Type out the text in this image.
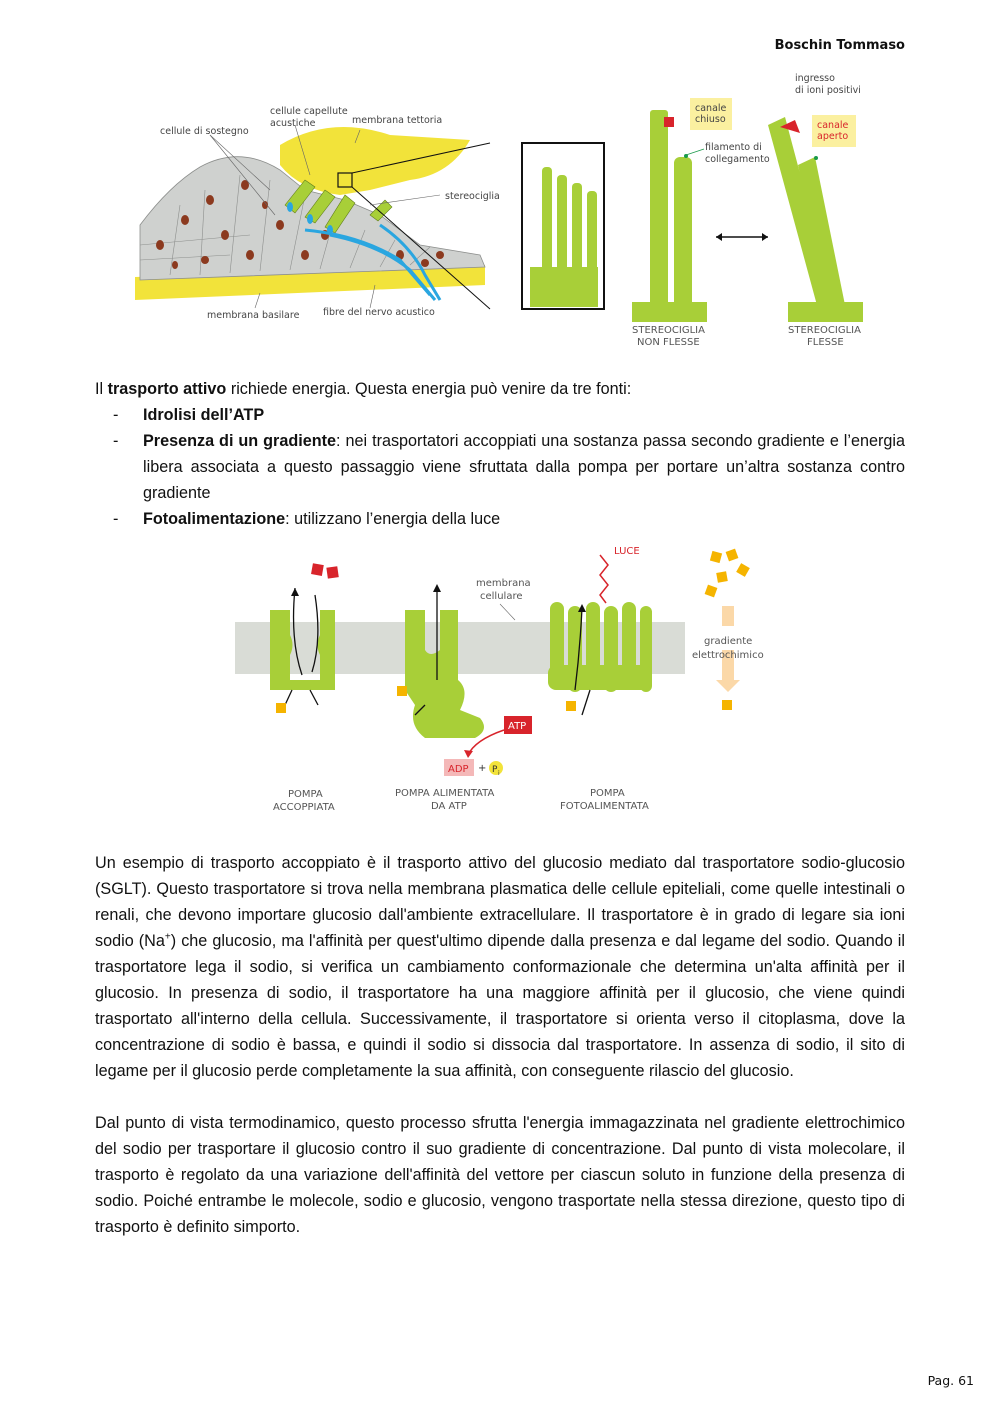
Boschin Tommaso
cellule di sostegno
cellule capellute
acustiche	membrana tettoria
stereociglia
membrana basilare fibre del nervo acustico
canale
chiuso
canale
aperto
ingresso
di ioni positivi
filamento di
collegamento
STEREOCIGLIA
NON FLESSE
STEREOCIGLIA
FLESSE
Il trasporto attivo richiede energia. Questa energia può venire da tre fonti:
- Idrolisi dell’ATP
- Presenza di un gradiente: nei trasportatori accoppiati una sostanza passa secondo gradiente e l’energia libera associata a questo passaggio viene sfruttata dalla pompa per portare un’altra sostanza contro gradiente
- Fotoalimentazione: utilizzano l’energia della luce
ATP
ADP + P i
LUCE
membrana
cellulare
gradiente
elettrochimico
POMPA
ACCOPPIATA
POMPA ALIMENTATA
DA ATP
POMPA
FOTOALIMENTATA

Un esempio di trasporto accoppiato è il trasporto attivo del glucosio mediato dal trasportatore sodio-glucosio (SGLT). Questo trasportatore si trova nella membrana plasmatica delle cellule epiteliali, come quelle intestinali o renali, che devono importare glucosio dall'ambiente extracellulare. Il trasportatore è in grado di legare sia ioni sodio (Na+) che glucosio, ma l'affinità per quest'ultimo dipende dalla presenza e dal legame del sodio. Quando il trasportatore lega il sodio, si verifica un cambiamento conformazionale che determina un'alta affinità per il glucosio. In presenza di sodio, il trasportatore ha una maggiore affinità per il glucosio, che viene quindi trasportato all'interno della cellula. Successivamente, il trasportatore si orienta verso il citoplasma, dove la concentrazione di sodio è bassa, e quindi il sodio si dissocia dal trasportatore. In assenza di sodio, il sito di legame per il glucosio perde completamente la sua affinità, con conseguente rilascio del glucosio.

Dal punto di vista termodinamico, questo processo sfrutta l'energia immagazzinata nel gradiente elettrochimico del sodio per trasportare il glucosio contro il suo gradiente di concentrazione. Dal punto di vista molecolare, il trasporto è regolato da una variazione dell'affinità del vettore per ciascun soluto in funzione della presenza di sodio. Poiché entrambe le molecole, sodio e glucosio, vengono trasportate nella stessa direzione, questo tipo di trasporto è definito simporto.

Pag. 61
